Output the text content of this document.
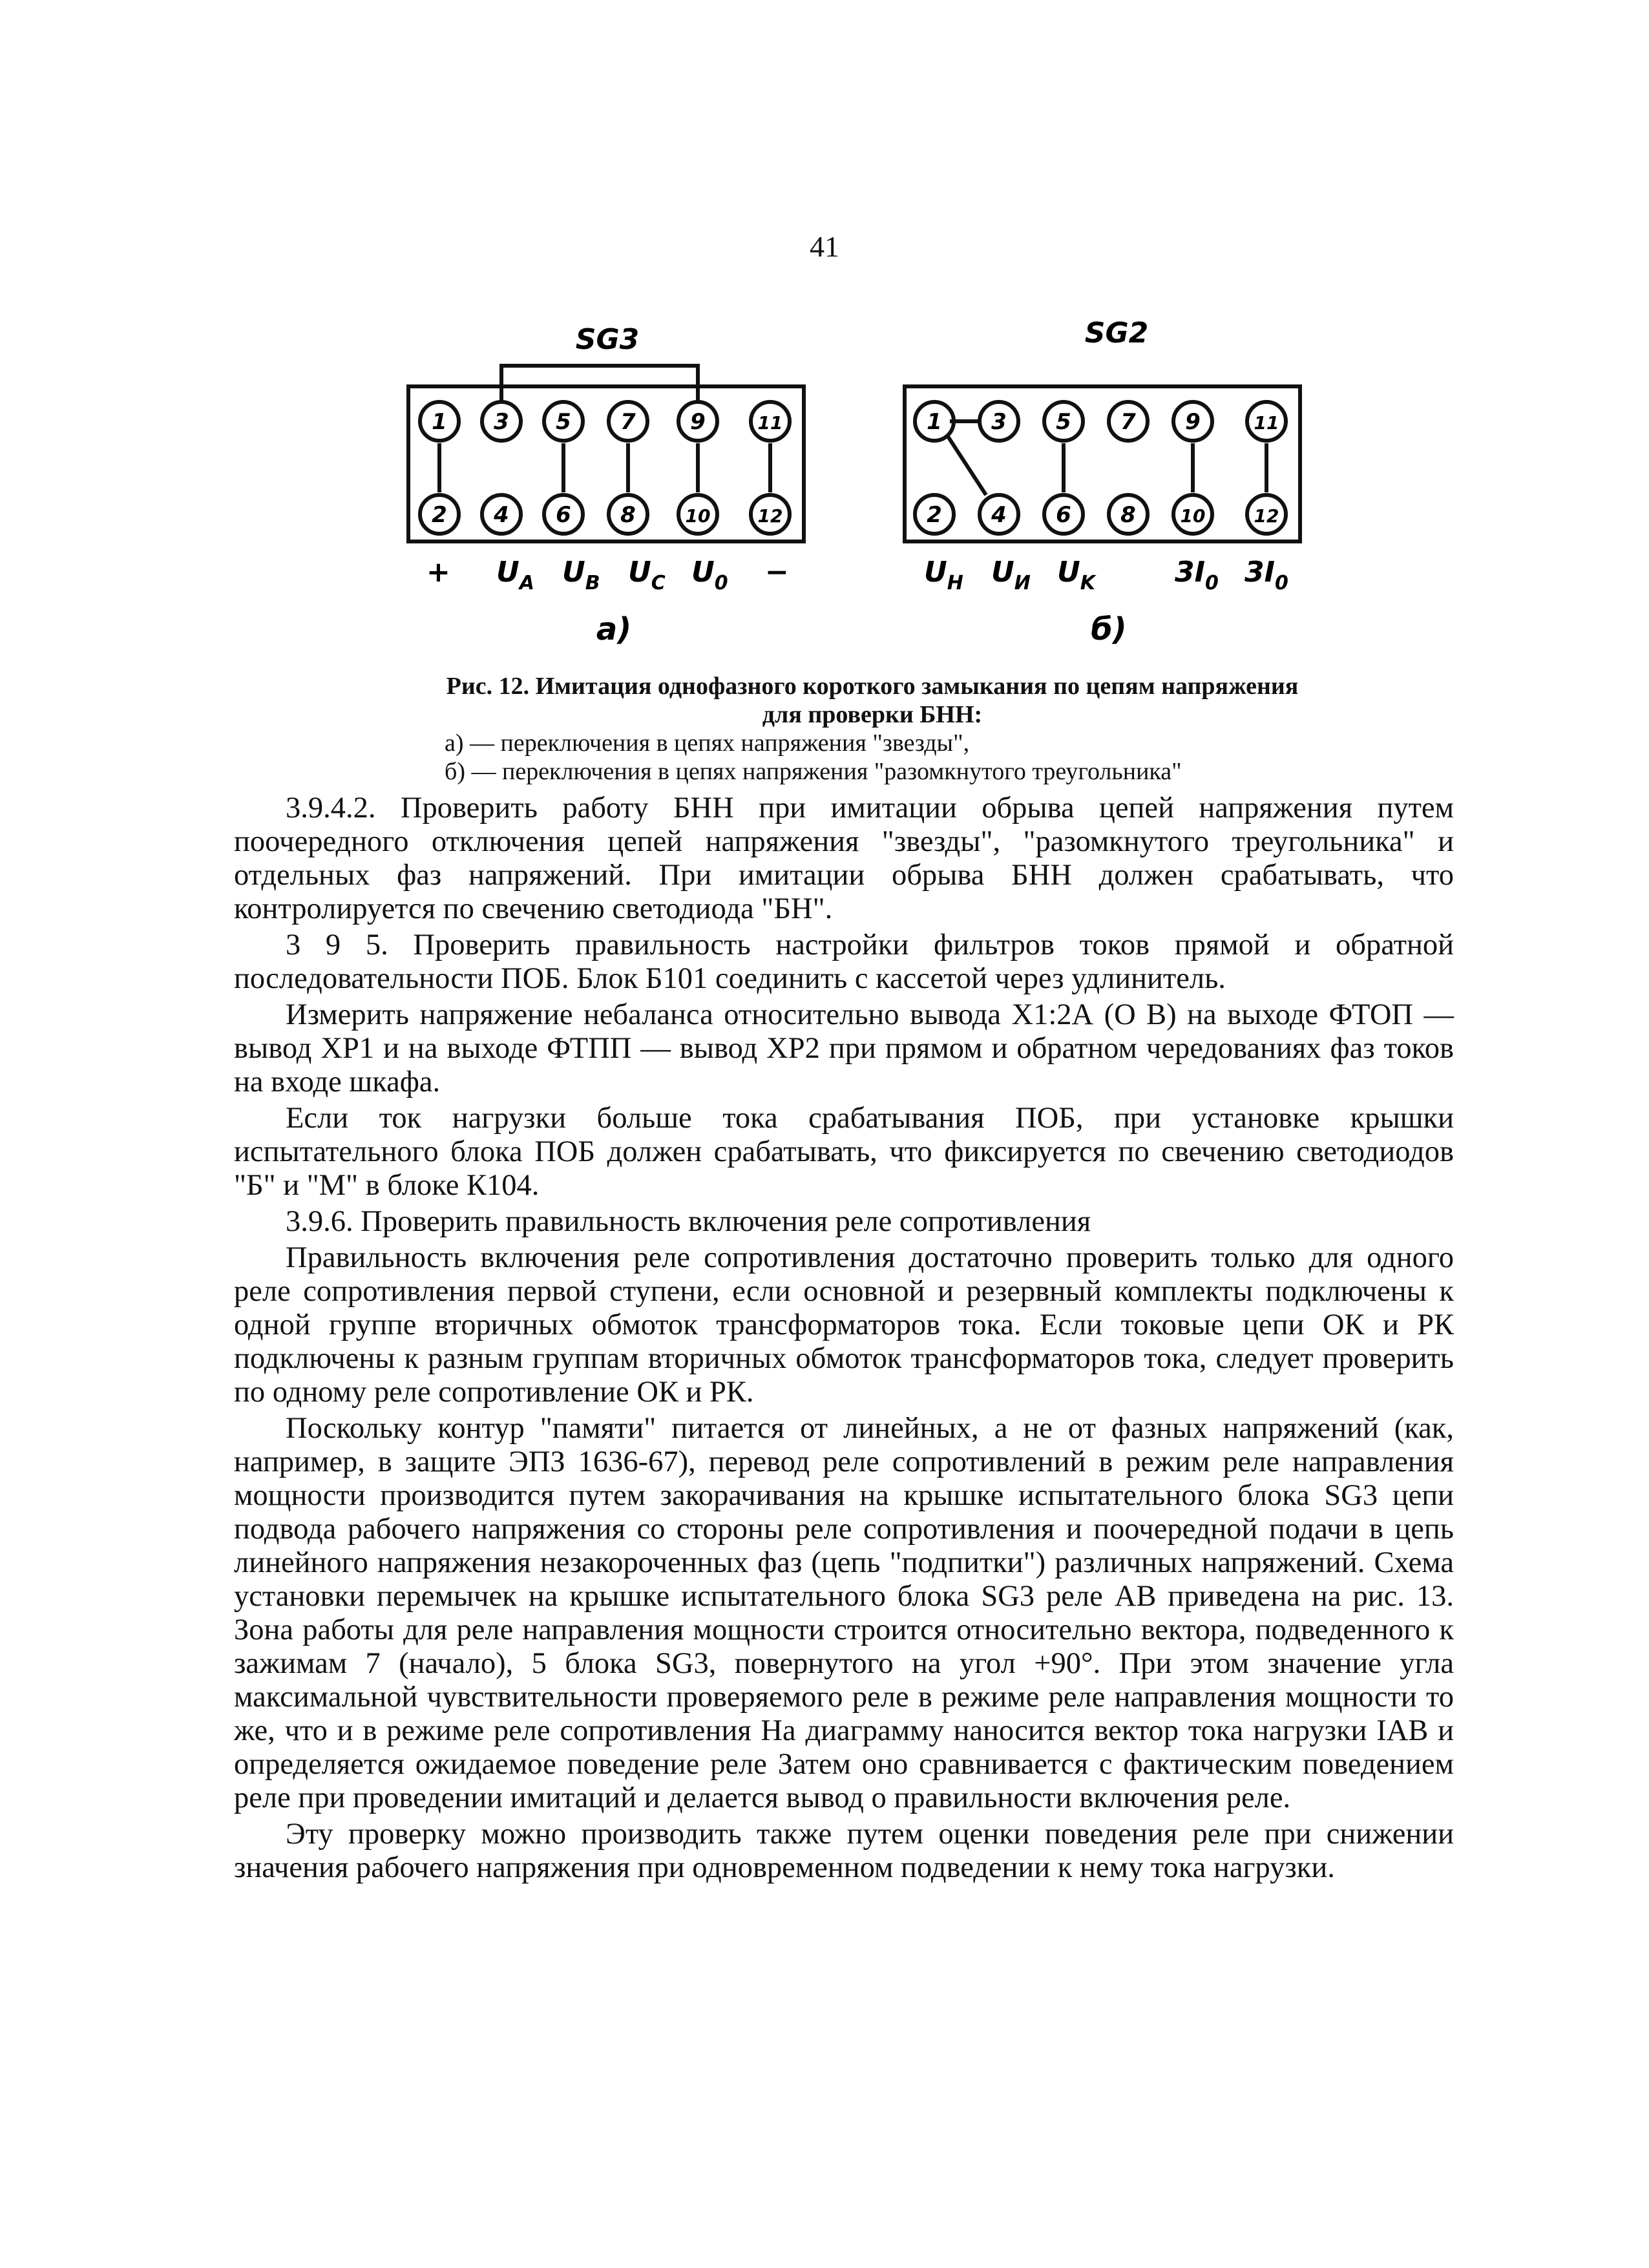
41
SG3
1 3 5 7 9	11
2 4 6 8	10	12
+ $U_A$ $U_B$ $U_C$ $U_0$ −
a)
SG2
1 3 5 7 9	11
2 4 6 8 10	12
$U_H$ $U_И$ $U_K$	$3I_0$ $3I_0$
б)
Рис. 12. Имитация однофазного короткого замыкания по цепям напряжения
для проверки БНН:
а) — переключения в цепях напряжения "звезды",
б) — переключения в цепях напряжения "разомкнутого треугольника"

3.9.4.2. Проверить работу БНН при имитации обрыва цепей напряжения путем поочередного отключения цепей напряжения "звезды", "разомкнутого треугольника" и отдельных фаз напряжений. При имитации обрыва БНН должен срабатывать, что контролируется по свечению светодиода "БН".

3 9 5. Проверить правильность настройки фильтров токов прямой и обратной последовательности ПОБ. Блок Б101 соединить с кассетой через удлинитель.

Измерить напряжение небаланса относительно вывода X1:2А (О В) на выходе ФТОП — вывод ХР1 и на выходе ФТПП — вывод ХР2 при прямом и обратном чередованиях фаз токов на входе шкафа.

Если ток нагрузки больше тока срабатывания ПОБ, при установке крышки испытательного блока ПОБ должен срабатывать, что фиксируется по свечению светодиодов "Б" и "М" в блоке К104.

3.9.6. Проверить правильность включения реле сопротивления

Правильность включения реле сопротивления достаточно проверить только для одного реле сопротивления первой ступени, если основной и резервный комплекты подключены к одной группе вторичных обмоток трансформаторов тока. Если токовые цепи ОК и РК подключены к разным группам вторичных обмоток трансформаторов тока, следует проверить по одному реле сопротивление ОК и РК.

Поскольку контур "памяти" питается от линейных, а не от фазных напряжений (как, например, в защите ЭПЗ 1636-67), перевод реле сопротивлений в режим реле направления мощности производится путем закорачивания на крышке испытательного блока SG3 цепи подвода рабочего напряжения со стороны реле сопротивления и поочередной подачи в цепь линейного напряжения незакороченных фаз (цепь "подпитки") различных напряжений. Схема установки перемычек на крышке испытательного блока SG3 реле АВ приведена на рис. 13. Зона работы для реле направления мощности строится относительно вектора, подведенного к зажимам 7 (начало), 5 блока SG3, повернутого на угол +90°. При этом значение угла максимальной чувствительности проверяемого реле в режиме реле направления мощности то же, что и в режиме реле сопротивления На диаграмму наносится вектор тока нагрузки IАВ и определяется ожидаемое поведение реле Затем оно сравнивается с фактическим поведением реле при проведении имитаций и делается вывод о правильности включения реле.

Эту проверку можно производить также путем оценки поведения реле при снижении значения рабочего напряжения при одновременном подведении к нему тока нагрузки.
